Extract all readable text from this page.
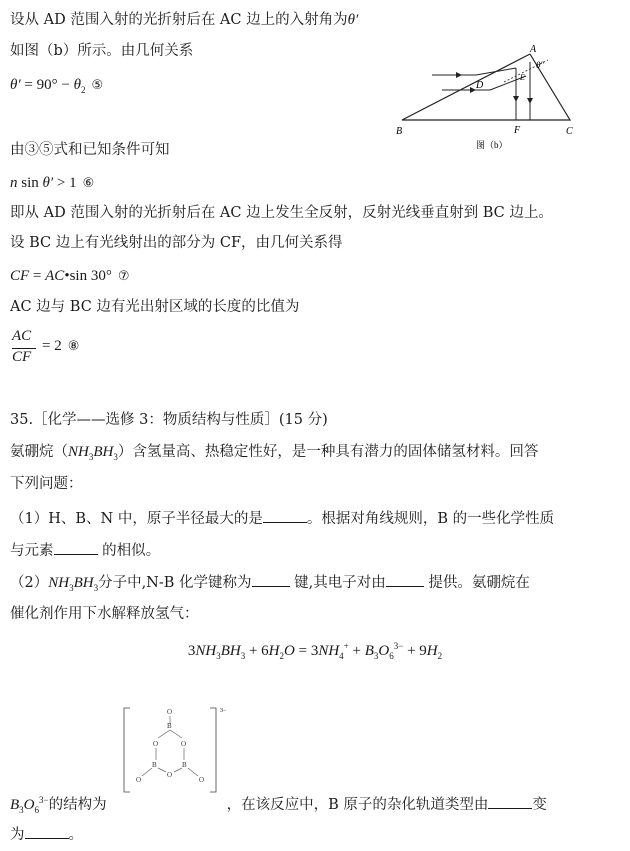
设从 AD 范围入射的光折射后在 AC 边上的入射角为θ′
如图（b）所示。由几何关系
$\theta' = 90^\circ - \theta_2$ ⑤
A
B	C
D
E
F
θ″
图（b）
由③⑤式和已知条件可知
n sin θ′ > 1 ⑥
即从 AD 范围入射的光折射后在 AC 边上发生全反射，反射光线垂直射到 BC 边上。
设 BC 边上有光线射出的部分为 CF，由几何关系得
CF = AC•sin 30° ⑦
AC 边与 BC 边有光出射区域的长度的比值为
AC
CF
= 2 ⑧
35.［化学——选修 3：物质结构与性质］(15 分)
氨硼烷$(NH_3BH_3)$含氢量高、热稳定性好，是一种具有潜力的固体储氢材料。回答
下列问题：
（1）H、B、N 中，原子半径最大的是	。根据对角线规则，B 的一些化学性质
与元素	的相似。
$(2)NH_3BH_3$分子中,N-B 化学键称为	键,其电子对由	提供。氨硼烷在
催化剂作用下水解释放氢气：
$3NH_3BH_3 + 6H_2O = 3NH_4^+ + B_3O_6^{3-} + 9H_2$
3−
O
B
O	O
B	B
O
O	O
$B_3O_6^{3-}$的结构为	，在该反应中，B 原子的杂化轨道类型由	变
为	。
